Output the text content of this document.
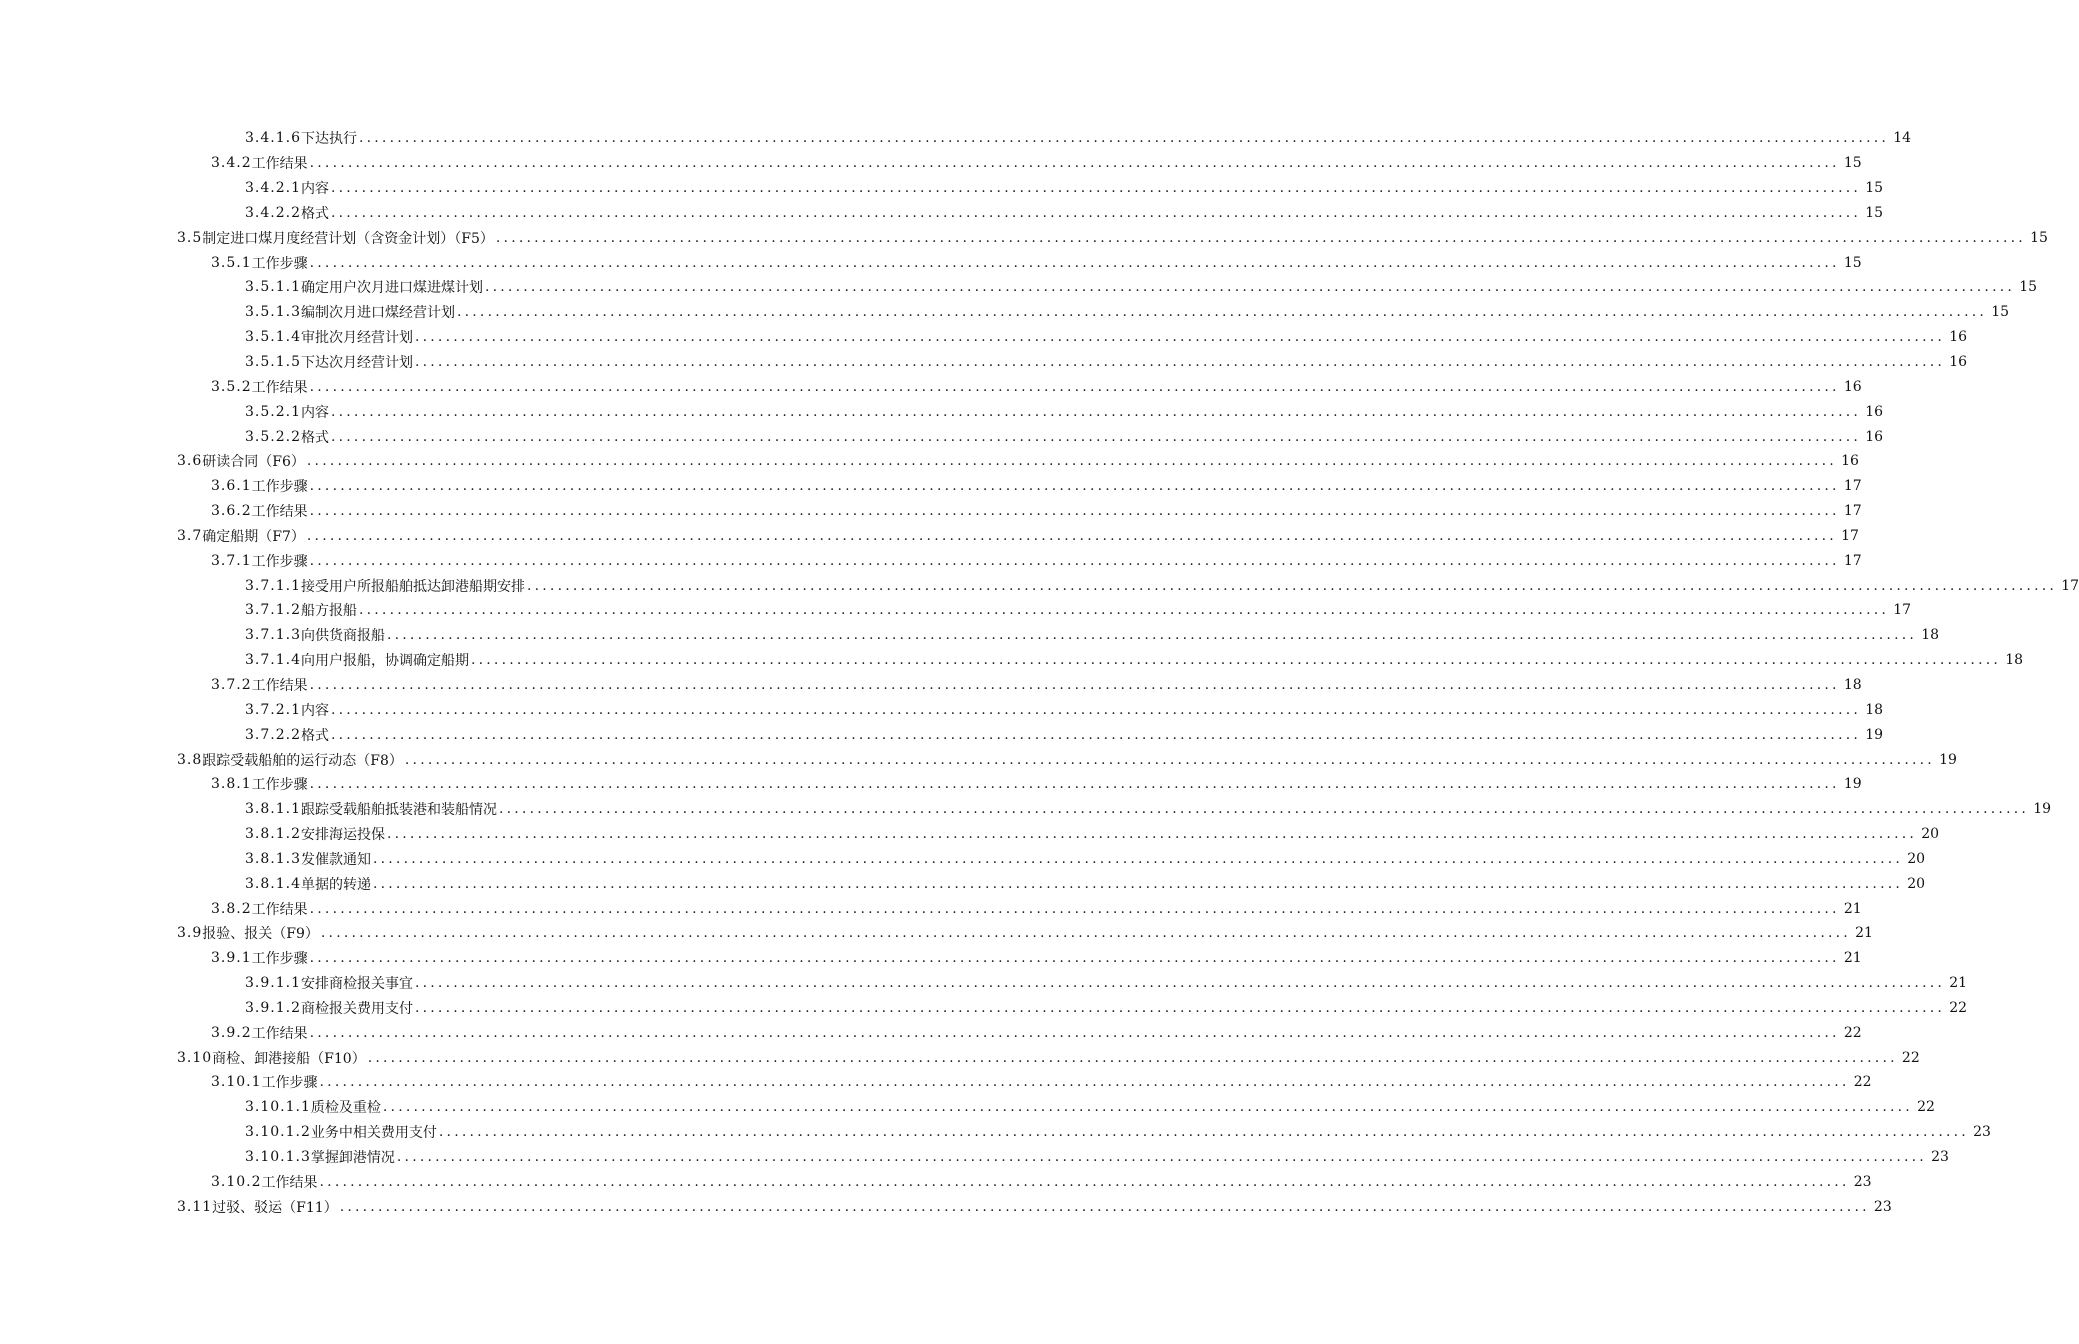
3.4.1.6 下达执行 ........................................................................................................................................................................................................ 14
3.4.2 工作结果 ........................................................................................................................................................................................................ 15
3.4.2.1 内容 ........................................................................................................................................................................................................ 15
3.4.2.2 格式 ........................................................................................................................................................................................................ 15
3.5 制定进口煤月度经营计划（含资金计划）（F5） ........................................................................................................................................................................................................ 15
3.5.1 工作步骤 ........................................................................................................................................................................................................ 15
3.5.1.1 确定用户次月进口煤进煤计划 ........................................................................................................................................................................................................ 15
3.5.1.3 编制次月进口煤经营计划 ........................................................................................................................................................................................................ 15
3.5.1.4 审批次月经营计划 ........................................................................................................................................................................................................ 16
3.5.1.5 下达次月经营计划 ........................................................................................................................................................................................................ 16
3.5.2 工作结果 ........................................................................................................................................................................................................ 16
3.5.2.1 内容 ........................................................................................................................................................................................................ 16
3.5.2.2 格式 ........................................................................................................................................................................................................ 16
3.6 研读合同（F6） ........................................................................................................................................................................................................ 16
3.6.1 工作步骤 ........................................................................................................................................................................................................ 17
3.6.2 工作结果 ........................................................................................................................................................................................................ 17
3.7 确定船期（F7） ........................................................................................................................................................................................................ 17
3.7.1 工作步骤 ........................................................................................................................................................................................................ 17
3.7.1.1 接受用户所报船舶抵达卸港船期安排 ........................................................................................................................................................................................................ 17
3.7.1.2 船方报船 ........................................................................................................................................................................................................ 17
3.7.1.3 向供货商报船 ........................................................................................................................................................................................................ 18
3.7.1.4 向用户报船，协调确定船期 ........................................................................................................................................................................................................ 18
3.7.2 工作结果 ........................................................................................................................................................................................................ 18
3.7.2.1 内容 ........................................................................................................................................................................................................ 18
3.7.2.2 格式 ........................................................................................................................................................................................................ 19
3.8 跟踪受载船舶的运行动态（F8） ........................................................................................................................................................................................................ 19
3.8.1 工作步骤 ........................................................................................................................................................................................................ 19
3.8.1.1 跟踪受载船舶抵装港和装船情况 ........................................................................................................................................................................................................ 19
3.8.1.2 安排海运投保 ........................................................................................................................................................................................................ 20
3.8.1.3 发催款通知 ........................................................................................................................................................................................................ 20
3.8.1.4 单据的转递 ........................................................................................................................................................................................................ 20
3.8.2 工作结果 ........................................................................................................................................................................................................ 21
3.9 报验、报关（F9） ........................................................................................................................................................................................................ 21
3.9.1 工作步骤 ........................................................................................................................................................................................................ 21
3.9.1.1 安排商检报关事宜 ........................................................................................................................................................................................................ 21
3.9.1.2 商检报关费用支付 ........................................................................................................................................................................................................ 22
3.9.2 工作结果 ........................................................................................................................................................................................................ 22
3.10 商检、卸港接船（F10） ........................................................................................................................................................................................................ 22
3.10.1 工作步骤 ........................................................................................................................................................................................................ 22
3.10.1.1 质检及重检 ........................................................................................................................................................................................................ 22
3.10.1.2 业务中相关费用支付 ........................................................................................................................................................................................................ 23
3.10.1.3 掌握卸港情况 ........................................................................................................................................................................................................ 23
3.10.2 工作结果 ........................................................................................................................................................................................................ 23
3.11 过驳、驳运（F11） ........................................................................................................................................................................................................ 23
